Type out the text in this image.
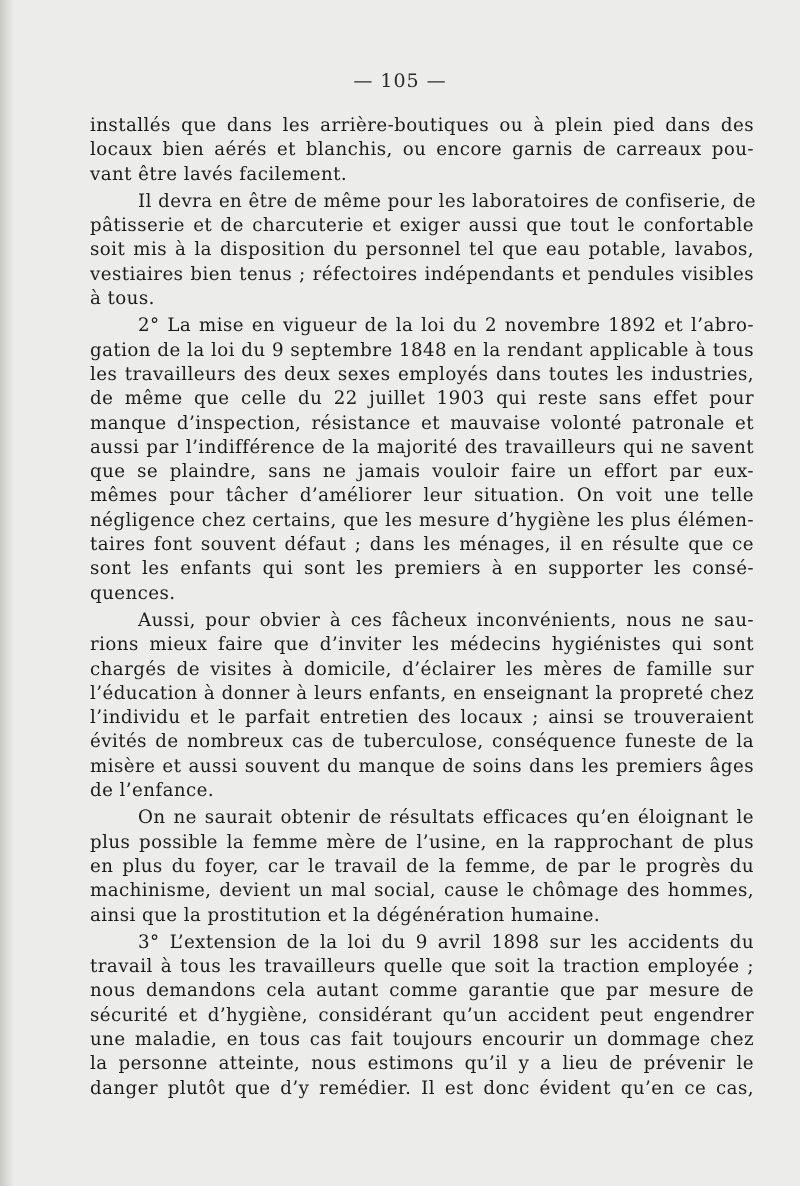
— 105 —

installés que dans les arrière-boutiques ou à plein pied dans des
locaux bien aérés et blanchis, ou encore garnis de carreaux pou-
vant être lavés facilement.

Il devra en être de même pour les laboratoires de confiserie, de
pâtisserie et de charcuterie et exiger aussi que tout le confortable
soit mis à la disposition du personnel tel que eau potable, lavabos,
vestiaires bien tenus ; réfectoires indépendants et pendules visibles
à tous.

2° La mise en vigueur de la loi du 2 novembre 1892 et l’abro-
gation de la loi du 9 septembre 1848 en la rendant applicable à tous
les travailleurs des deux sexes employés dans toutes les industries,
de même que celle du 22 juillet 1903 qui reste sans effet pour
manque d’inspection, résistance et mauvaise volonté patronale et
aussi par l’indifférence de la majorité des travailleurs qui ne savent
que se plaindre, sans ne jamais vouloir faire un effort par eux-
mêmes pour tâcher d’améliorer leur situation. On voit une telle
négligence chez certains, que les mesure d’hygiène les plus élémen-
taires font souvent défaut ; dans les ménages, il en résulte que ce
sont les enfants qui sont les premiers à en supporter les consé-
quences.

Aussi, pour obvier à ces fâcheux inconvénients, nous ne sau-
rions mieux faire que d’inviter les médecins hygiénistes qui sont
chargés de visites à domicile, d’éclairer les mères de famille sur
l’éducation à donner à leurs enfants, en enseignant la propreté chez
l’individu et le parfait entretien des locaux ; ainsi se trouveraient
évités de nombreux cas de tuberculose, conséquence funeste de la
misère et aussi souvent du manque de soins dans les premiers âges
de l’enfance.

On ne saurait obtenir de résultats efficaces qu’en éloignant le
plus possible la femme mère de l’usine, en la rapprochant de plus
en plus du foyer, car le travail de la femme, de par le progrès du
machinisme, devient un mal social, cause le chômage des hommes,
ainsi que la prostitution et la dégénération humaine.

3° L’extension de la loi du 9 avril 1898 sur les accidents du
travail à tous les travailleurs quelle que soit la traction employée ;
nous demandons cela autant comme garantie que par mesure de
sécurité et d’hygiène, considérant qu’un accident peut engendrer
une maladie, en tous cas fait toujours encourir un dommage chez
la personne atteinte, nous estimons qu’il y a lieu de prévenir le
danger plutôt que d’y remédier. Il est donc évident qu’en ce cas,
